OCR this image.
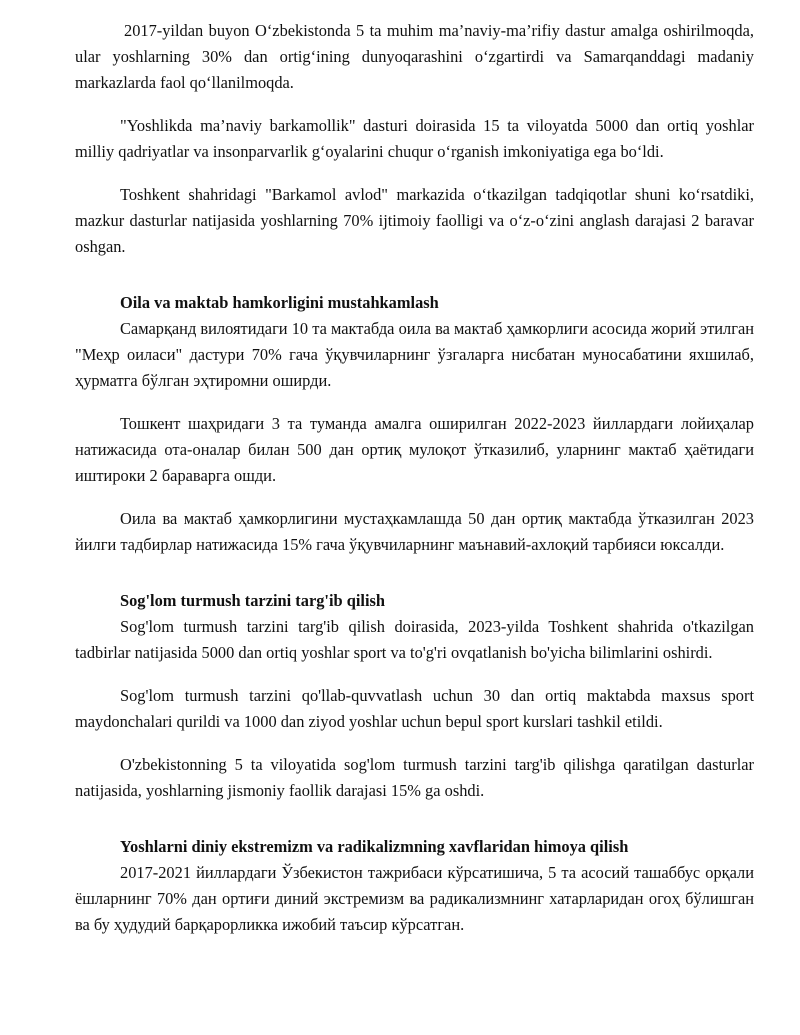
2017-yildan buyon O‘zbekistonda 5 ta muhim ma’naviy-ma’rifiy dastur amalga oshirilmoqda, ular yoshlarning 30% dan ortig‘ining dunyoqarashini o‘zgartirdi va Samarqanddagi madaniy markazlarda faol qo‘llanilmoqda.

"Yoshlikda ma’naviy barkamollik" dasturi doirasida 15 ta viloyatda 5000 dan ortiq yoshlar milliy qadriyatlar va insonparvarlik g‘oyalarini chuqur o‘rganish imkoniyatiga ega bo‘ldi.

Toshkent shahridagi "Barkamol avlod" markazida o‘tkazilgan tadqiqotlar shuni ko‘rsatdiki, mazkur dasturlar natijasida yoshlarning 70% ijtimoiy faolligi va o‘z-o‘zini anglash darajasi 2 baravar oshgan.

Oila va maktab hamkorligini mustahkamlash

Самарқанд вилоятидаги 10 та мактабда оила ва мактаб ҳамкорлиги асосида жорий этилган "Меҳр оиласи" дастури 70% гача ўқувчиларнинг ўзгаларга нисбатан муносабатини яхшилаб, ҳурматга бўлган эҳтиромни оширди.

Тошкент шаҳридаги 3 та туманда амалга оширилган 2022-2023 йиллардаги лойиҳалар натижасида ота-оналар билан 500 дан ортиқ мулоқот ўтказилиб, уларнинг мактаб ҳаётидаги иштироки 2 бараварга ошди.

Оила ва мактаб ҳамкорлигини мустаҳкамлашда 50 дан ортиқ мактабда ўтказилган 2023 йилги тадбирлар натижасида 15% гача ўқувчиларнинг маънавий-ахлоқий тарбияси юксалди.

Sog'lom turmush tarzini targ'ib qilish

Sog'lom turmush tarzini targ'ib qilish doirasida, 2023-yilda Toshkent shahrida o'tkazilgan tadbirlar natijasida 5000 dan ortiq yoshlar sport va to'g'ri ovqatlanish bo'yicha bilimlarini oshirdi.

Sog'lom turmush tarzini qo'llab-quvvatlash uchun 30 dan ortiq maktabda maxsus sport maydonchalari qurildi va 1000 dan ziyod yoshlar uchun bepul sport kurslari tashkil etildi.

O'zbekistonning 5 ta viloyatida sog'lom turmush tarzini targ'ib qilishga qaratilgan dasturlar natijasida, yoshlarning jismoniy faollik darajasi 15% ga oshdi.

Yoshlarni diniy ekstremizm va radikalizmning xavflaridan himoya qilish

2017-2021 йиллардаги Ўзбекистон тажрибаси кўрсатишича, 5 та асосий ташаббус орқали ёшларнинг 70% дан ортиғи диний экстремизм ва радикализмнинг хатарларидан огоҳ бўлишган ва бу ҳудудий барқарорликка ижобий таъсир кўрсатган.
